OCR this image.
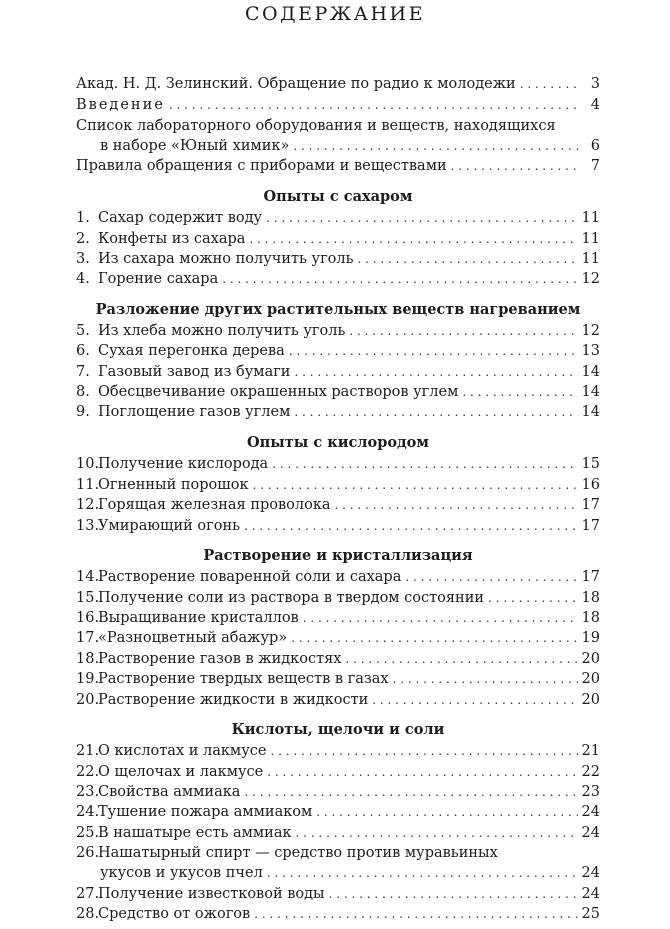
СОДЕРЖАНИЕ
Акад. Н. Д. Зелинский. Обращение по радио к молодежи . . .	3
Введение . . .	4
Список лабораторного оборудования и веществ, находящихся
в наборе «Юный химик» . . .	6
Правила обращения с приборами и веществами . . .	7
Опыты с сахаром
1. Сахар содержит воду . . .	11
2. Конфеты из сахара . . .	11
3. Из сахара можно получить уголь . . .	11
4. Горение сахара . . .	12
Разложение других растительных веществ нагреванием
5. Из хлеба можно получить уголь . . .	12
6. Сухая перегонка дерева . . .	13
7. Газовый завод из бумаги . . .	14
8. Обесцвечивание окрашенных растворов углем . . .	14
9. Поглощение газов углем . . .	14
Опыты с кислородом
10.Получение кислорода . . .	15
11.Огненный порошок . . .	16
12.Горящая железная проволока . . .	17
13.Умирающий огонь . . .	17
Растворение и кристаллизация
14.Растворение поваренной соли и сахара . . .	17
15.Получение соли из раствора в твердом состоянии . . .	18
16.Выращивание кристаллов . . .	18
17.«Разноцветный абажур» . . .	19
18.Растворение газов в жидкостях . . .	20
19.Растворение твердых веществ в газах . . .	20
20.Растворение жидкости в жидкости . . .	20
Кислоты, щелочи и соли
21.О кислотах и лакмусе . . .	21
22.О щелочах и лакмусе . . .	22
23.Свойства аммиака . . .	23
24.Тушение пожара аммиаком . . .	24
25.В нашатыре есть аммиак . . .	24
26.Нашатырный спирт — средство против муравьиных
укусов и укусов пчел . . .	24
27.Получение известковой воды . . .	24
28.Средство от ожогов . . .	25
